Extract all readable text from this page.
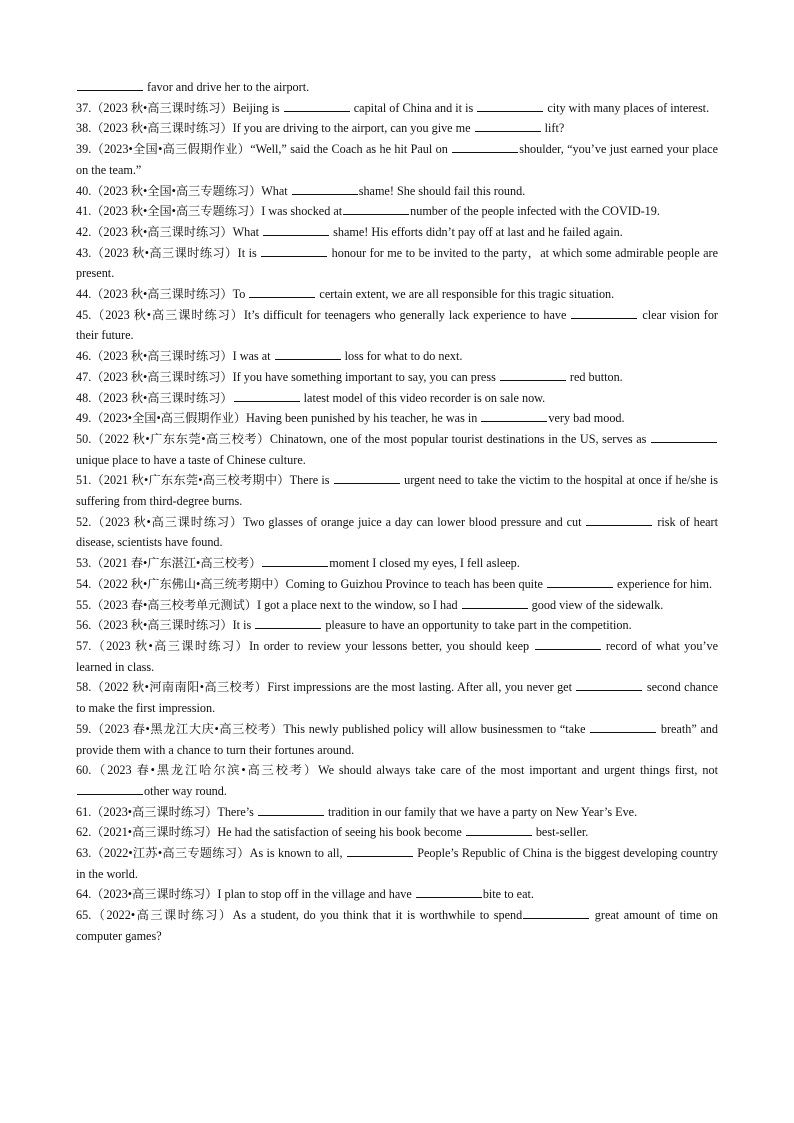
favor and drive her to the airport.

37.（2023 秋•高三课时练习）Beijing is	capital of China and it is	city with many places of interest.

38.（2023 秋•高三课时练习）If you are driving to the airport, can you give me	lift?

39.（2023•全国•高三假期作业）“Well,” said the Coach as he hit Paul on	shoulder, “you’ve just earned your place on the team.”

40.（2023 秋•全国•高三专题练习）What	shame! She should fail this round.

41.（2023 秋•全国•高三专题练习）I was shocked at	number of the people infected with the COVID-19.

42.（2023 秋•高三课时练习）What	shame! His efforts didn’t pay off at last and he failed again.

43.（2023 秋•高三课时练习）It is	honour for me to be invited to the party，at which some admirable people are present.

44.（2023 秋•高三课时练习）To	certain extent, we are all responsible for this tragic situation.

45.（2023 秋•高三课时练习）It’s difficult for teenagers who generally lack experience to have	clear vision for their future.

46.（2023 秋•高三课时练习）I was at	loss for what to do next.

47.（2023 秋•高三课时练习）If you have something important to say, you can press	red button.

48.（2023 秋•高三课时练习）	latest model of this video recorder is on sale now.

49.（2023•全国•高三假期作业）Having been punished by his teacher, he was in	very bad mood.

50.（2022 秋•广东东莞•高三校考）Chinatown, one of the most popular tourist destinations in the US, serves as  unique place to have a taste of Chinese culture.

51.（2021 秋•广东东莞•高三校考期中）There is	urgent need to take the victim to the hospital at once if he/she is suffering from third-degree burns.

52.（2023 秋•高三课时练习）Two glasses of orange juice a day can lower blood pressure and cut	risk of heart disease, scientists have found.

53.（2021 春•广东湛江•高三校考）	moment I closed my eyes, I fell asleep.

54.（2022 秋•广东佛山•高三统考期中）Coming to Guizhou Province to teach has been quite	experience for him.

55.（2023 春•高三校考单元测试）I got a place next to the window, so I had	good view of the sidewalk.

56.（2023 秋•高三课时练习）It is	pleasure to have an opportunity to take part in the competition.

57.（2023 秋•高三课时练习）In order to review your lessons better, you should keep	record of what you’ve learned in class.

58.（2022 秋•河南南阳•高三校考）First impressions are the most lasting. After all, you never get	second chance to make the first impression.

59.（2023 春•黑龙江大庆•高三校考）This newly published policy will allow businessmen to “take	breath” and provide them with a chance to turn their fortunes around.

60.（2023 春•黑龙江哈尔滨•高三校考）We should always take care of the most important and urgent things first, not other way round.

61.（2023•高三课时练习）There’s	tradition in our family that we have a party on New Year’s Eve.

62.（2021•高三课时练习）He had the satisfaction of seeing his book become	best-seller.

63.（2022•江苏•高三专题练习）As is known to all,	People’s Republic of China is the biggest developing country in the world.

64.（2023•高三课时练习）I plan to stop off in the village and have	bite to eat.

65.（2022•高三课时练习）As a student, do you think that it is worthwhile to spend	great amount of time on computer games?
